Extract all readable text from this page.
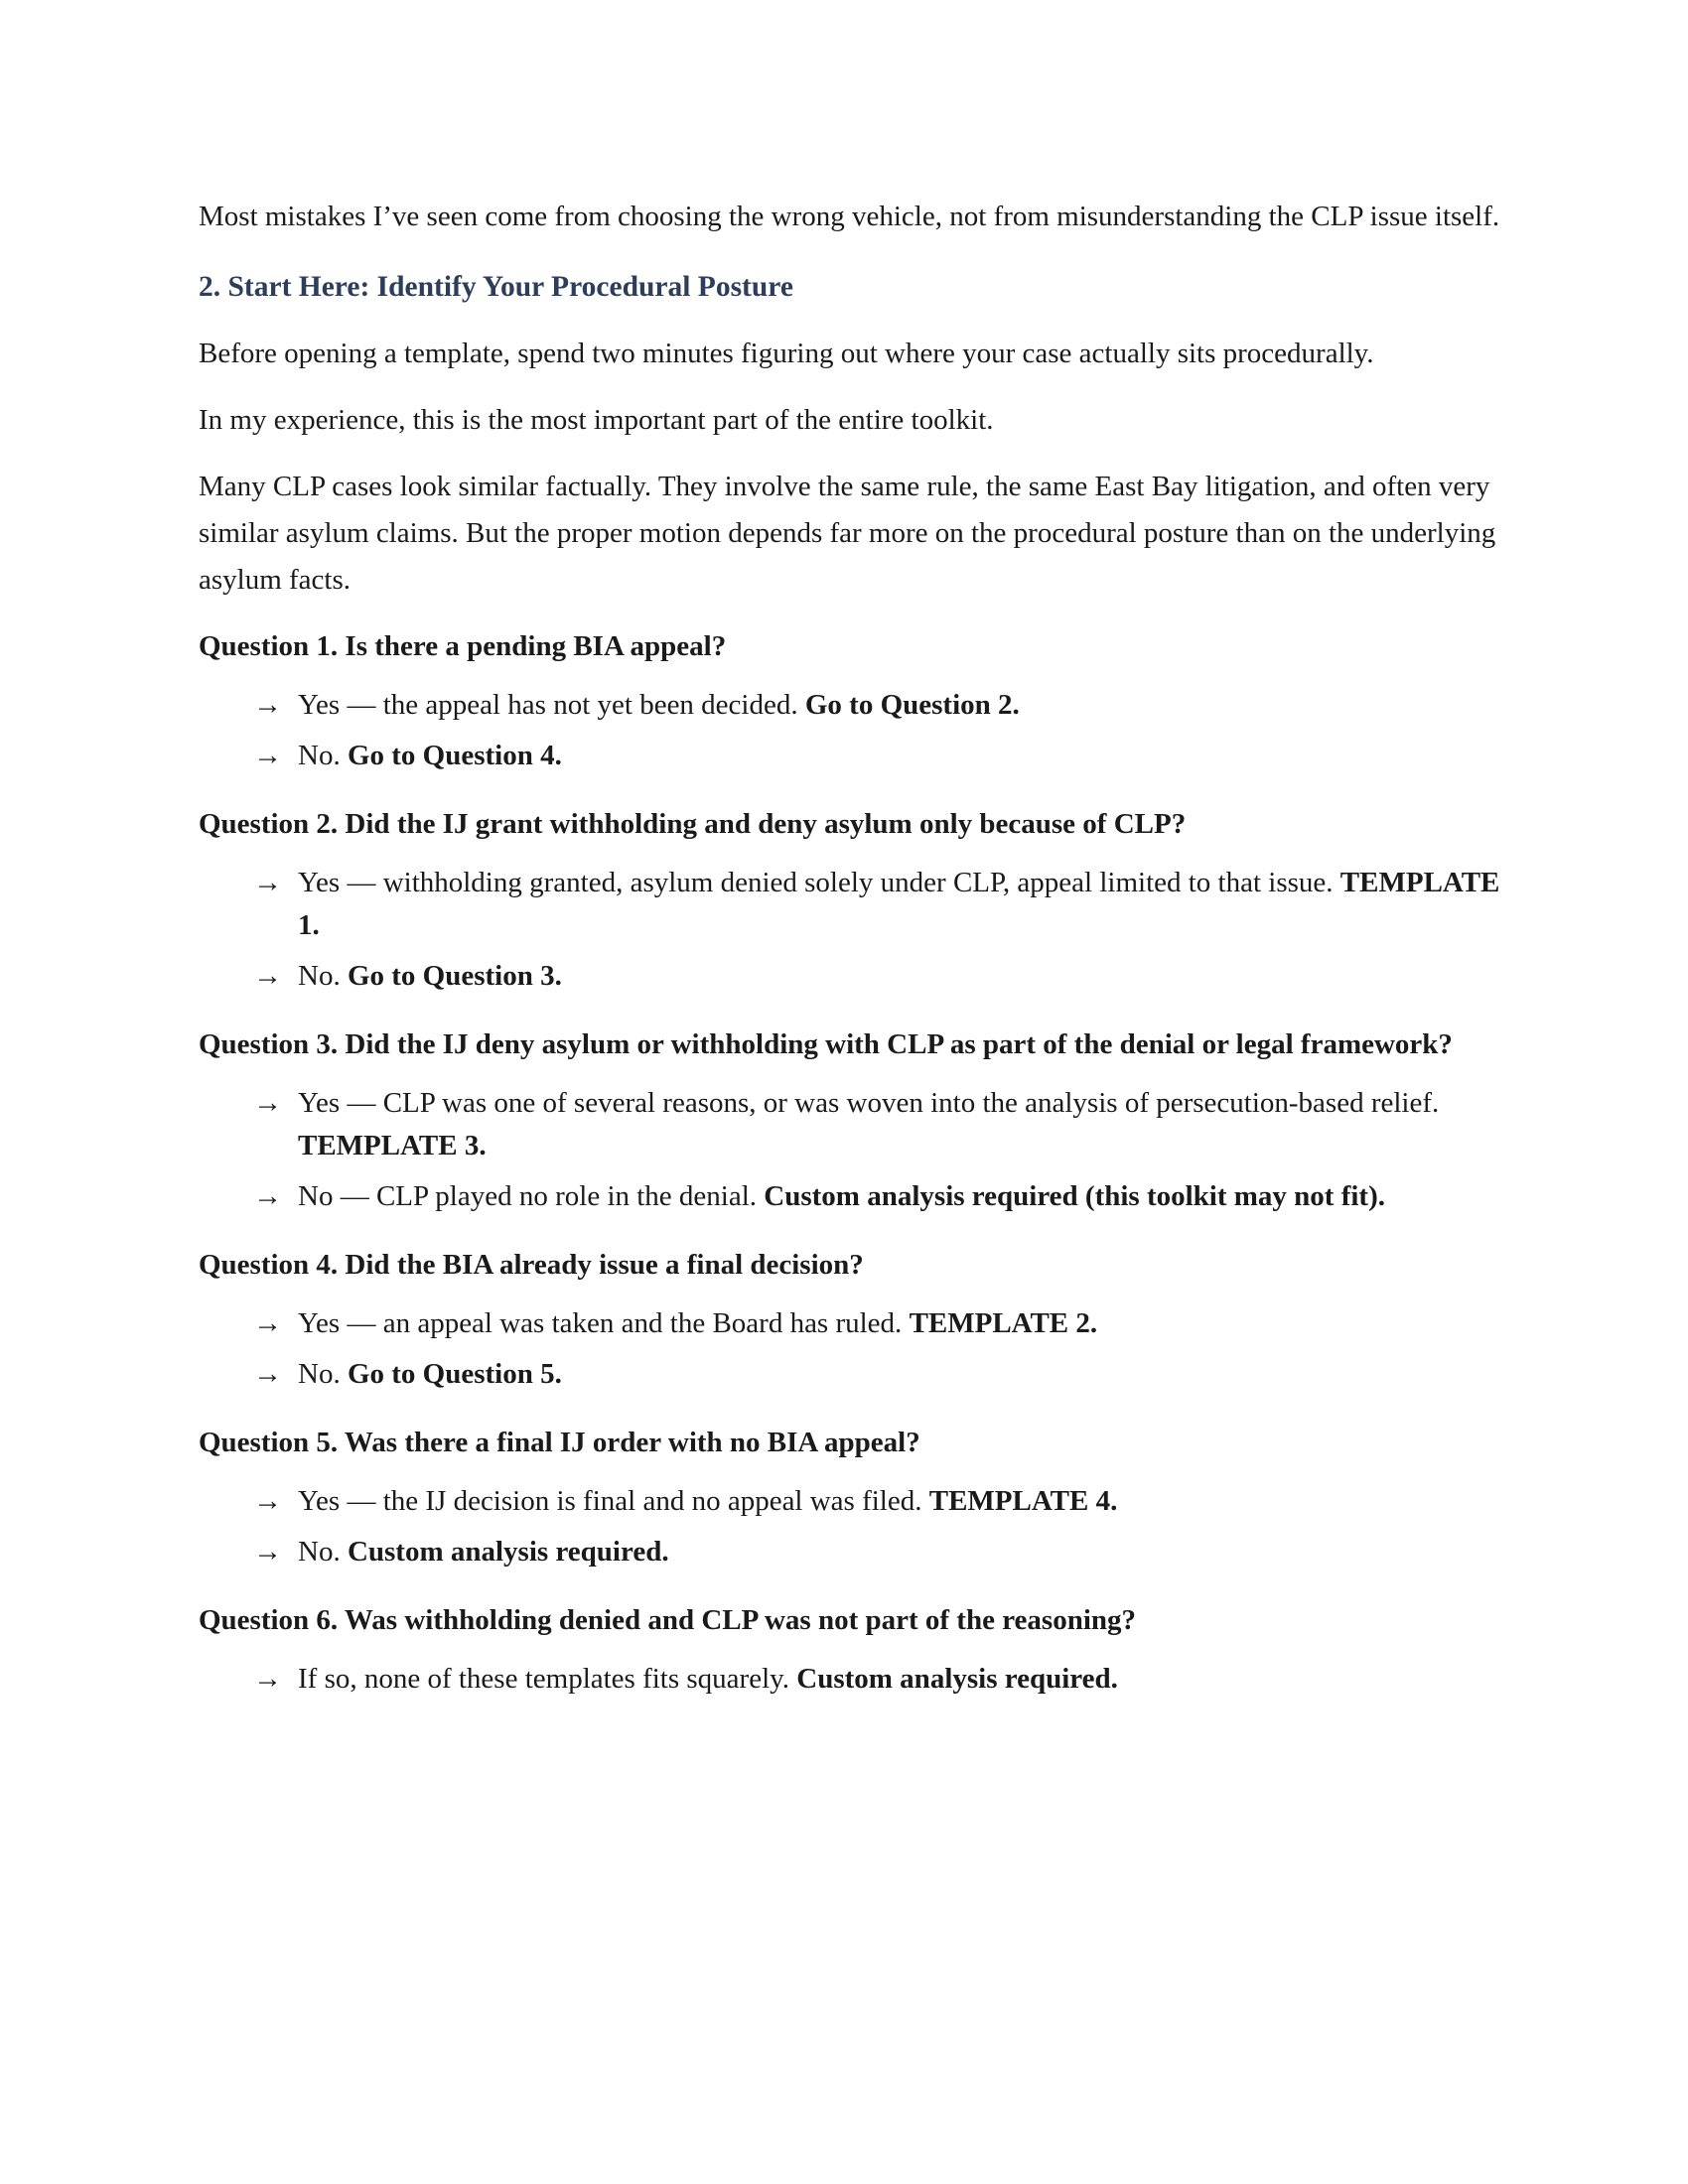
Most mistakes I’ve seen come from choosing the wrong vehicle, not from misunderstanding the CLP issue itself.

2. Start Here: Identify Your Procedural Posture

Before opening a template, spend two minutes figuring out where your case actually sits procedurally.

In my experience, this is the most important part of the entire toolkit.

Many CLP cases look similar factually. They involve the same rule, the same East Bay litigation, and often very similar asylum claims. But the proper motion depends far more on the procedural posture than on the underlying asylum facts.

Question 1. Is there a pending BIA appeal?
→ Yes — the appeal has not yet been decided. Go to Question 2.
→ No. Go to Question 4.
Question 2. Did the IJ grant withholding and deny asylum only because of CLP?
→ Yes — withholding granted, asylum denied solely under CLP, appeal limited to that issue. TEMPLATE 1.
→ No. Go to Question 3.
Question 3. Did the IJ deny asylum or withholding with CLP as part of the denial or legal framework?
→ Yes — CLP was one of several reasons, or was woven into the analysis of persecution-based relief. TEMPLATE 3.
→ No — CLP played no role in the denial. Custom analysis required (this toolkit may not fit).
Question 4. Did the BIA already issue a final decision?
→ Yes — an appeal was taken and the Board has ruled. TEMPLATE 2.
→ No. Go to Question 5.
Question 5. Was there a final IJ order with no BIA appeal?
→ Yes — the IJ decision is final and no appeal was filed. TEMPLATE 4.
→ No. Custom analysis required.
Question 6. Was withholding denied and CLP was not part of the reasoning?
→ If so, none of these templates fits squarely. Custom analysis required.
